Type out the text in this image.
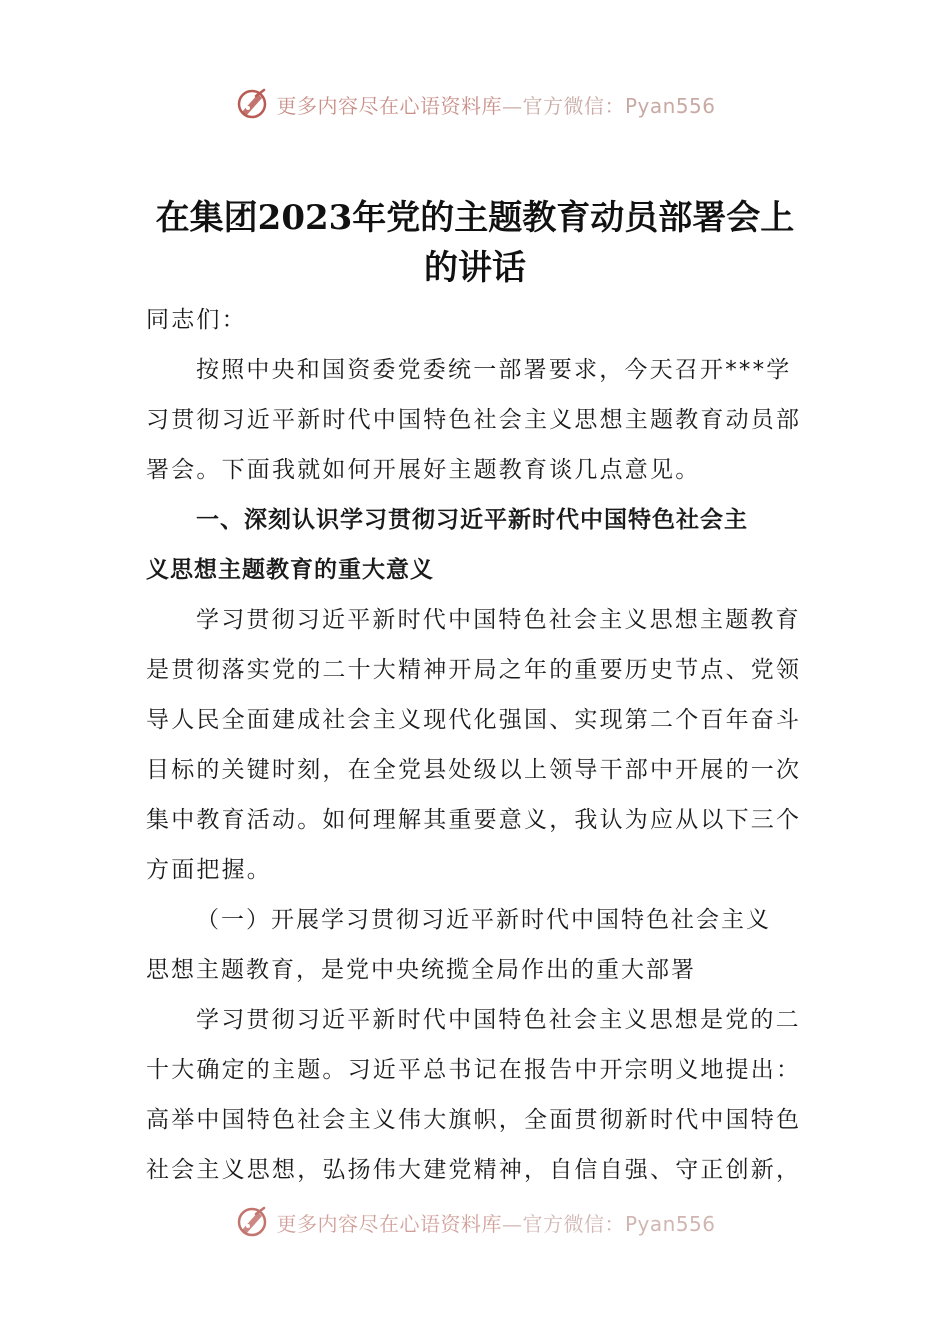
更多内容尽在心语资料库—官方微信：Pyan556
在集团2023年党的主题教育动员部署会上
的讲话
同志们：
按照中央和国资委党委统一部署要求，今天召开***学
习贯彻习近平新时代中国特色社会主义思想主题教育动员部
署会。下面我就如何开展好主题教育谈几点意见。
一、深刻认识学习贯彻习近平新时代中国特色社会主
义思想主题教育的重大意义
学习贯彻习近平新时代中国特色社会主义思想主题教育
是贯彻落实党的二十大精神开局之年的重要历史节点、党领
导人民全面建成社会主义现代化强国、实现第二个百年奋斗
目标的关键时刻，在全党县处级以上领导干部中开展的一次
集中教育活动。如何理解其重要意义，我认为应从以下三个
方面把握。
（一）开展学习贯彻习近平新时代中国特色社会主义
思想主题教育，是党中央统揽全局作出的重大部署
学习贯彻习近平新时代中国特色社会主义思想是党的二
十大确定的主题。习近平总书记在报告中开宗明义地提出：
高举中国特色社会主义伟大旗帜，全面贯彻新时代中国特色
社会主义思想，弘扬伟大建党精神，自信自强、守正创新，
更多内容尽在心语资料库—官方微信：Pyan556
